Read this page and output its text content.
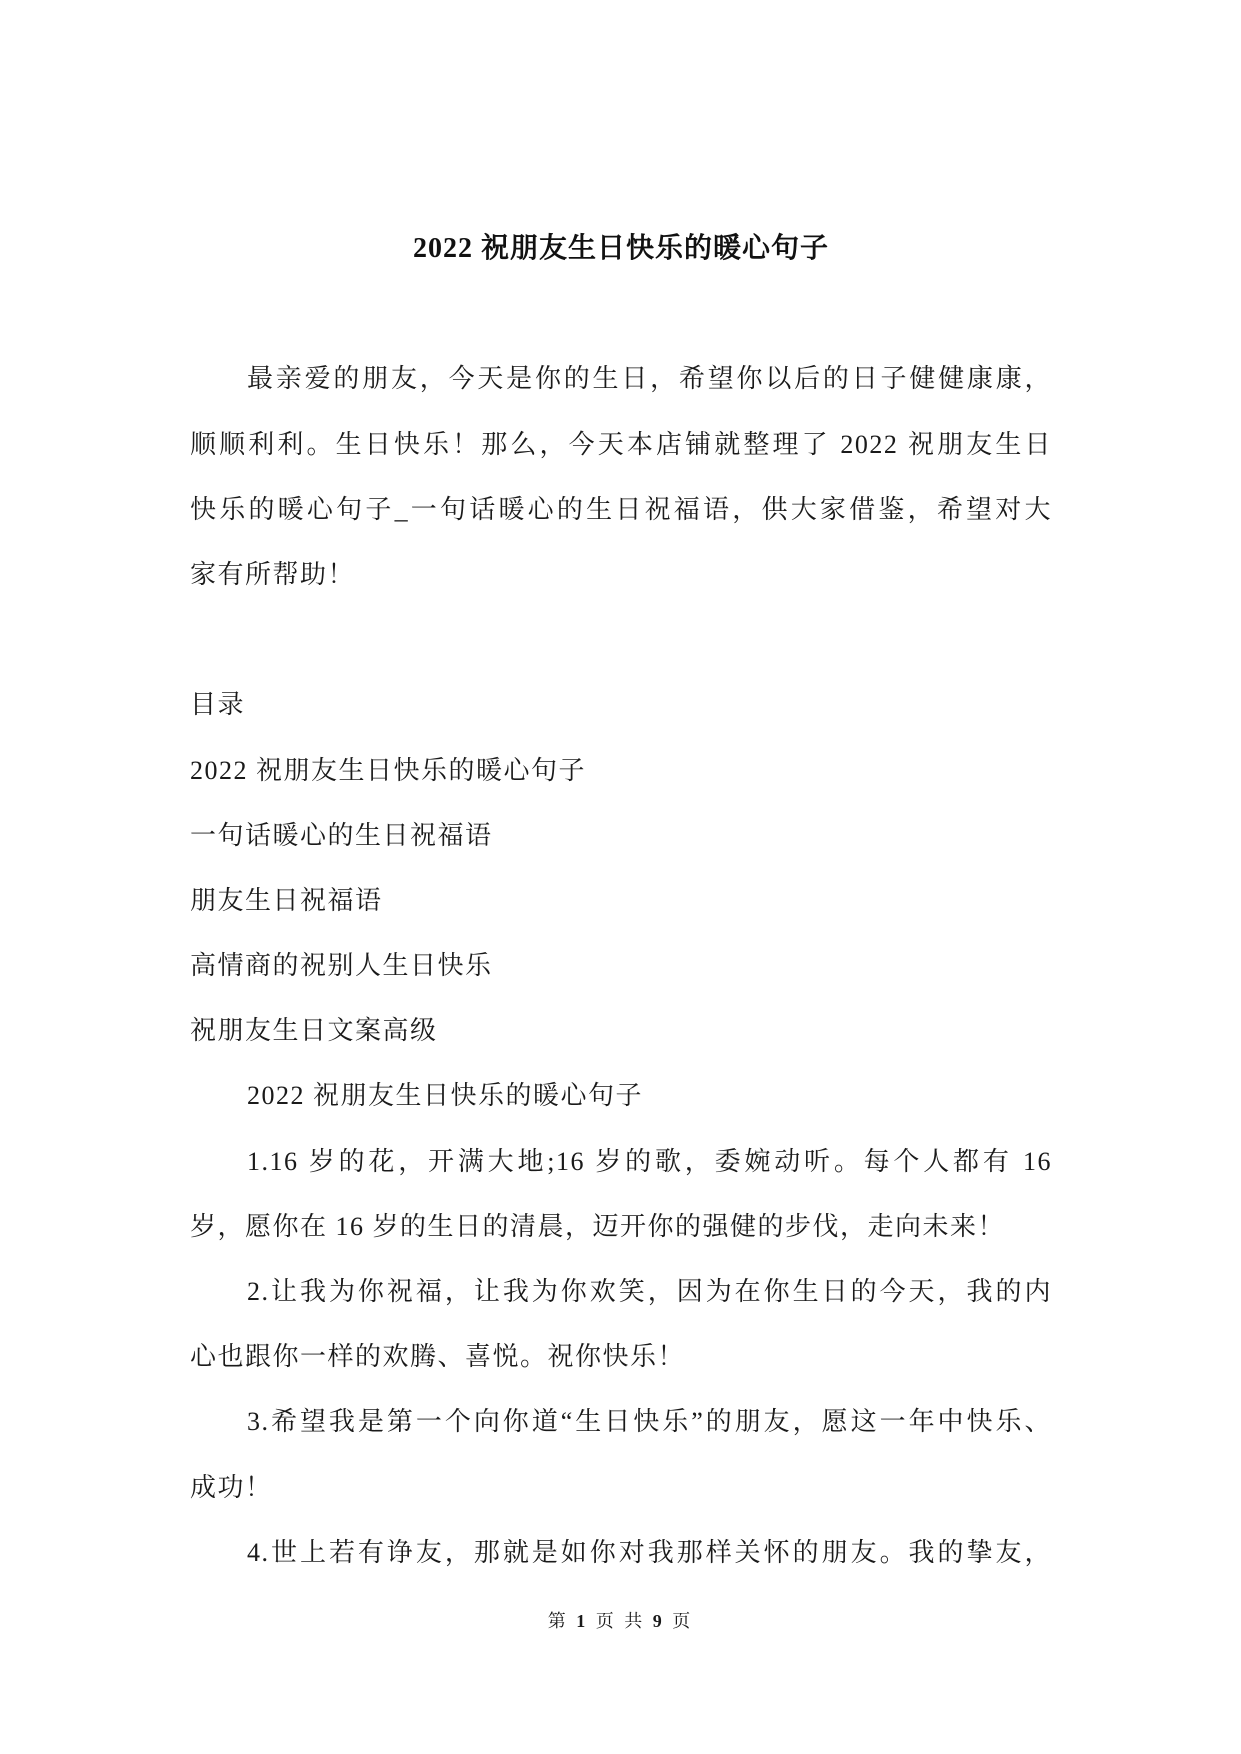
2022 祝朋友生日快乐的暖心句子
最亲爱的朋友，今天是你的生日，希望你以后的日子健健康康，
顺顺利利。生日快乐！那么，今天本店铺就整理了 2022 祝朋友生日
快乐的暖心句子_一句话暖心的生日祝福语，供大家借鉴，希望对大
家有所帮助！
目录
2022 祝朋友生日快乐的暖心句子
一句话暖心的生日祝福语
朋友生日祝福语
高情商的祝别人生日快乐
祝朋友生日文案高级
2022 祝朋友生日快乐的暖心句子
1.16 岁的花，开满大地;16 岁的歌，委婉动听。每个人都有 16
岁，愿你在 16 岁的生日的清晨，迈开你的强健的步伐，走向未来！
2.让我为你祝福，让我为你欢笑，因为在你生日的今天，我的内
心也跟你一样的欢腾、喜悦。祝你快乐！
3.希望我是第一个向你道“生日快乐”的朋友，愿这一年中快乐、
成功！
4.世上若有诤友，那就是如你对我那样关怀的朋友。我的挚友，
第 1 页 共 9 页
